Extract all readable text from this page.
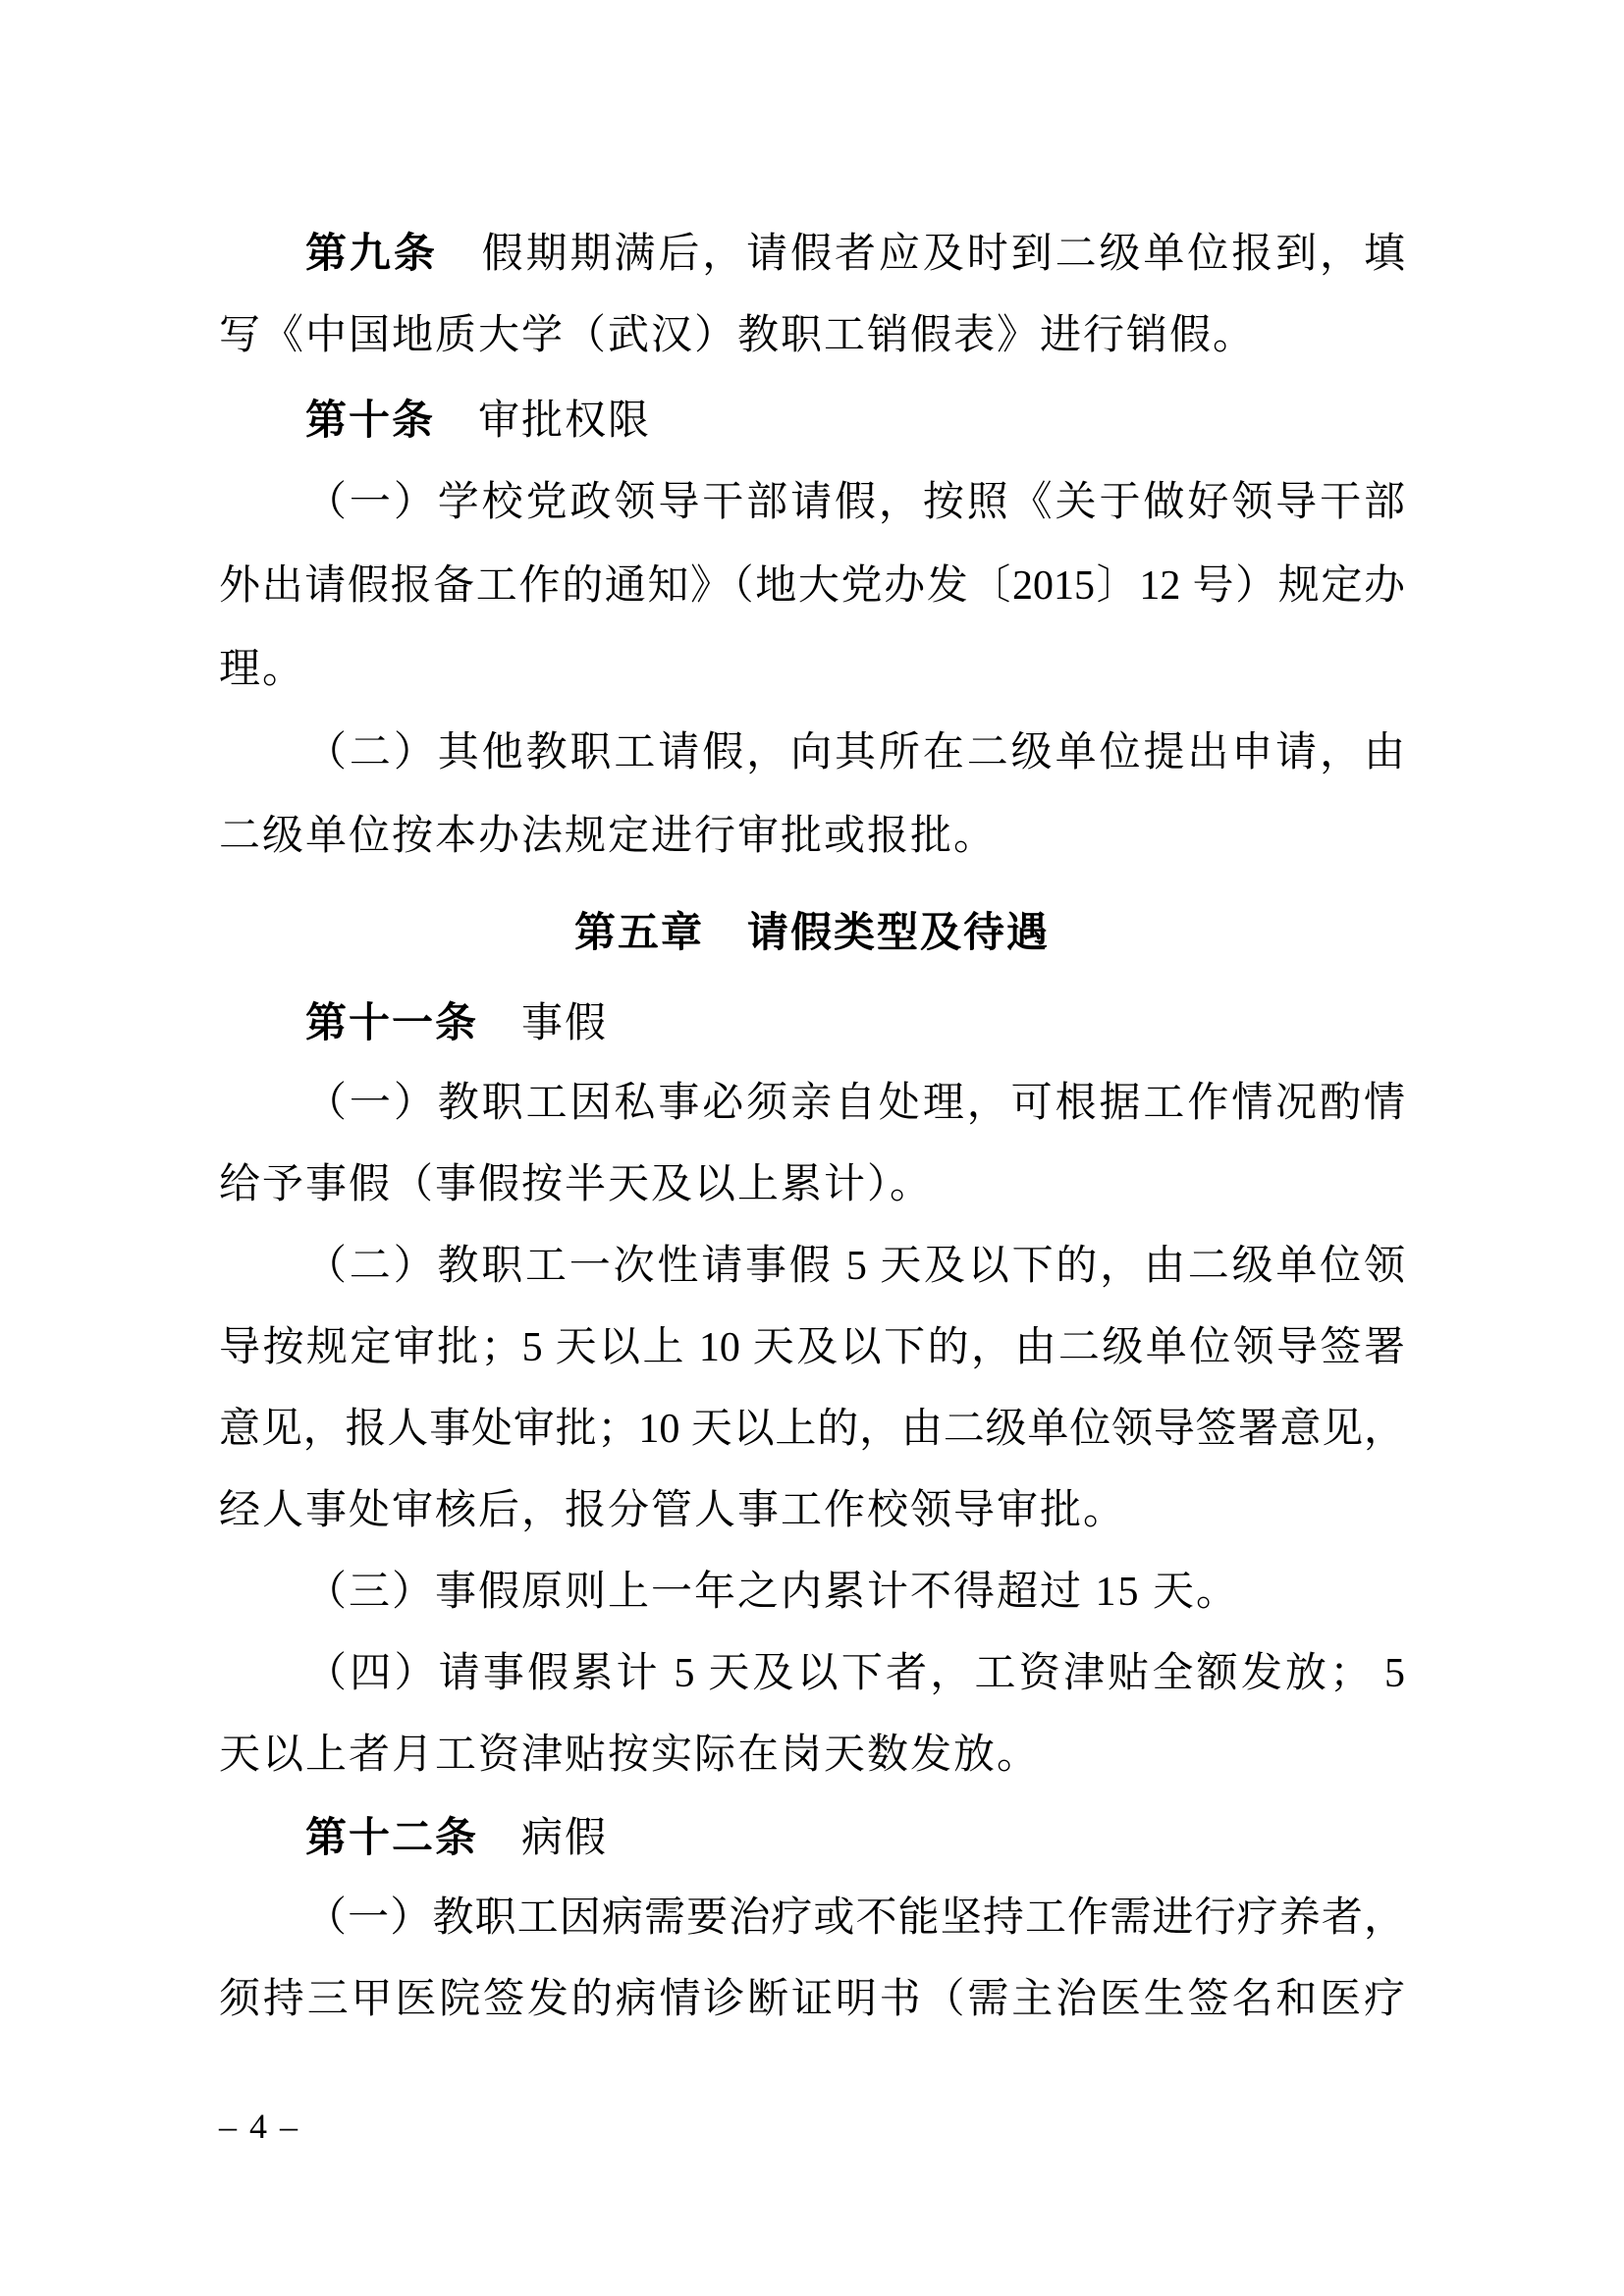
第九条　假期期满后，请假者应及时到二级单位报到，填
写《中国地质大学（武汉）教职工销假表》进行销假。
第十条　审批权限
（一）学校党政领导干部请假，按照《关于做好领导干部
外出请假报备工作的通知》（地大党办发〔2015〕12 号）规定办
理。
（二）其他教职工请假，向其所在二级单位提出申请，由
二级单位按本办法规定进行审批或报批。
第五章　请假类型及待遇
第十一条　事假
（一）教职工因私事必须亲自处理，可根据工作情况酌情
给予事假（事假按半天及以上累计）。
（二）教职工一次性请事假 5 天及以下的，由二级单位领
导按规定审批；5 天以上 10 天及以下的，由二级单位领导签署
意见，报人事处审批；10 天以上的，由二级单位领导签署意见，
经人事处审核后，报分管人事工作校领导审批。
（三）事假原则上一年之内累计不得超过 15 天。
（四）请事假累计 5 天及以下者，工资津贴全额发放； 5
天以上者月工资津贴按实际在岗天数发放。
第十二条　病假
（一）教职工因病需要治疗或不能坚持工作需进行疗养者，
须持三甲医院签发的病情诊断证明书（需主治医生签名和医疗
– 4 –
